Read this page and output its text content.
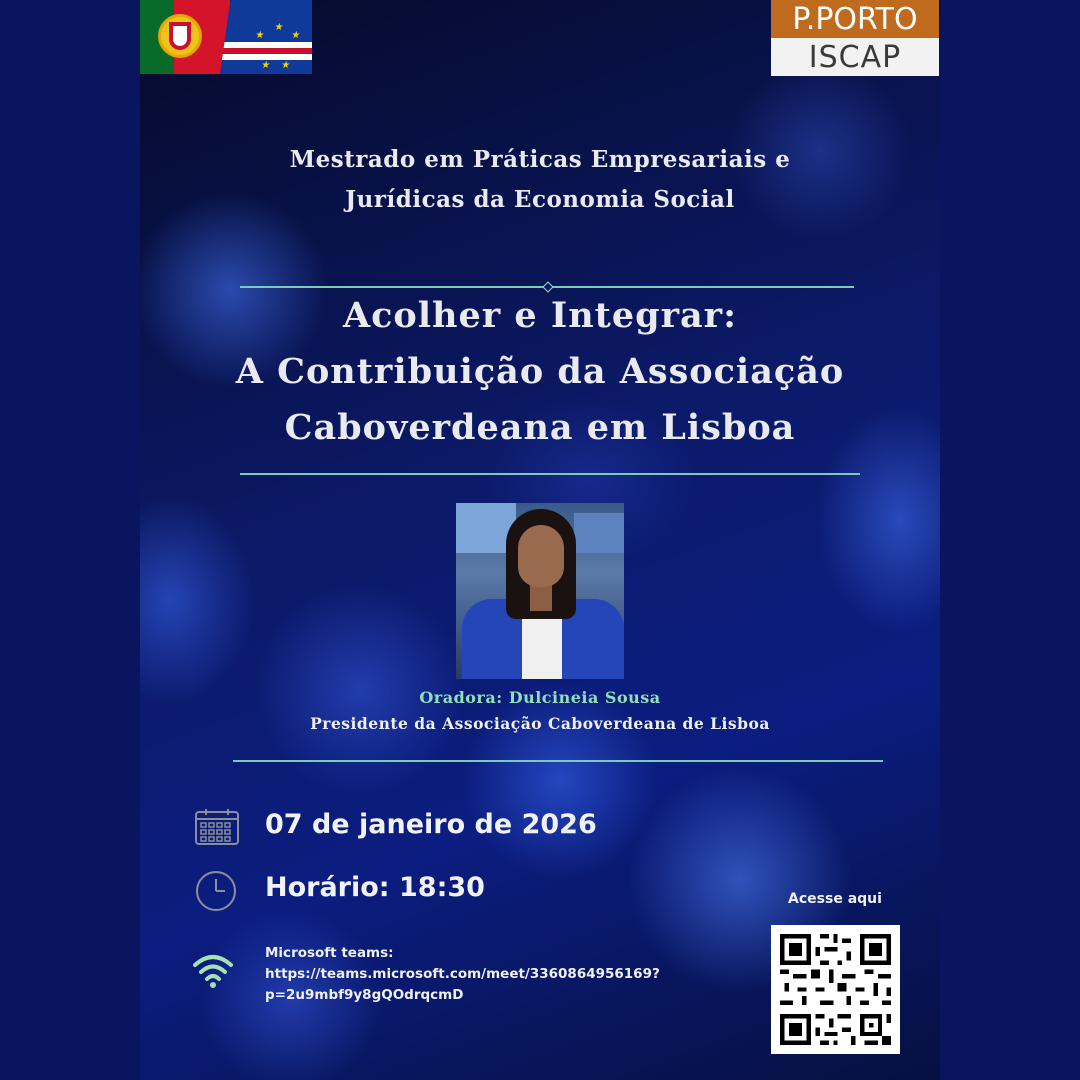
★
★
★
★ ★
P.PORTO
ISCAP
Mestrado em Práticas Empresariais e
Jurídicas da Economia Social
Acolher e Integrar:
A Contribuição da Associação
Caboverdeana em Lisboa
Oradora: Dulcineia Sousa
Presidente da Associação Caboverdeana de Lisboa
07 de janeiro de 2026
Horário: 18:30
Microsoft teams:
https://teams.microsoft.com/meet/3360864956169?
p=2u9mbf9y8gQOdrqcmD
Acesse aqui
